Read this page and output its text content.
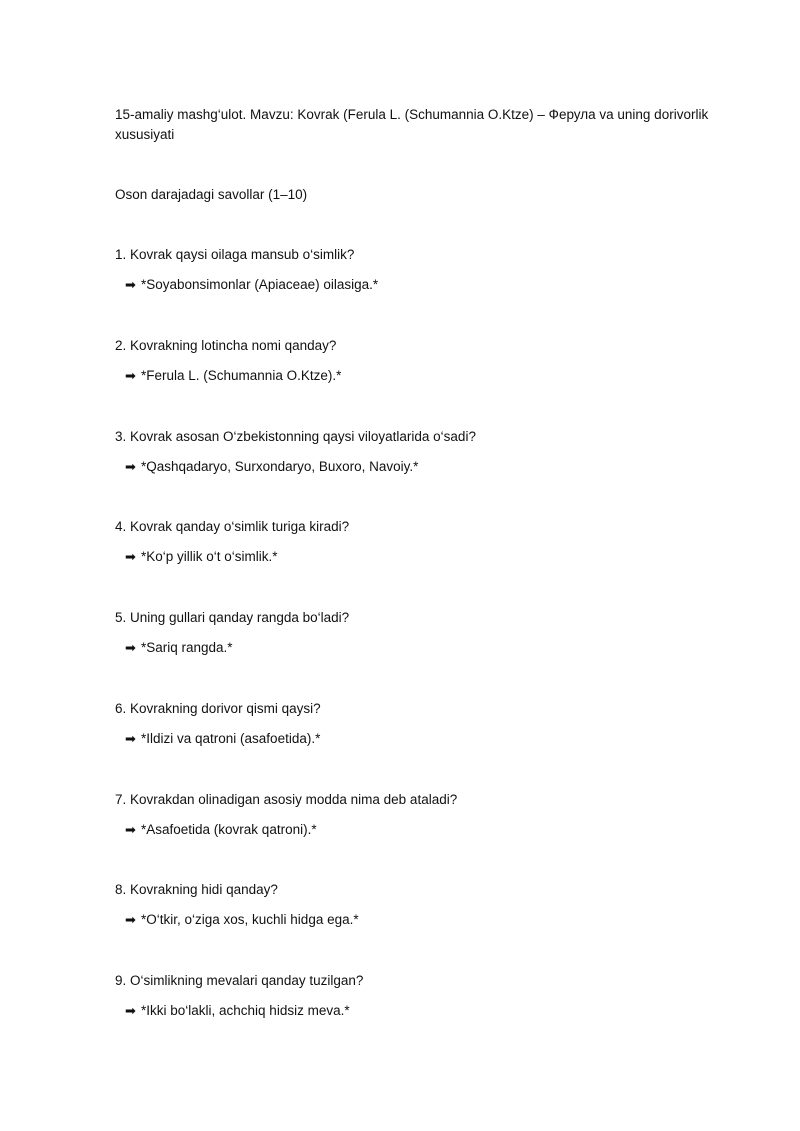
15-amaliy mashg‘ulot. Mavzu: Kovrak (Ferula L. (Schumannia O.Ktze) – Ферула va uning dorivorlik xususiyati
Oson darajadagi savollar (1–10)
1. Kovrak qaysi oilaga mansub o‘simlik?
➡ *Soyabonsimonlar (Apiaceae) oilasiga.*
2. Kovrakning lotincha nomi qanday?
➡ *Ferula L. (Schumannia O.Ktze).*
3. Kovrak asosan O‘zbekistonning qaysi viloyatlarida o‘sadi?
➡ *Qashqadaryo, Surxondaryo, Buxoro, Navoiy.*
4. Kovrak qanday o‘simlik turiga kiradi?
➡ *Ko‘p yillik o‘t o‘simlik.*
5. Uning gullari qanday rangda bo‘ladi?
➡ *Sariq rangda.*
6. Kovrakning dorivor qismi qaysi?
➡ *Ildizi va qatroni (asafoetida).*
7. Kovrakdan olinadigan asosiy modda nima deb ataladi?
➡ *Asafoetida (kovrak qatroni).*
8. Kovrakning hidi qanday?
➡ *O‘tkir, o‘ziga xos, kuchli hidga ega.*
9. O‘simlikning mevalari qanday tuzilgan?
➡ *Ikki bo‘lakli, achchiq hidsiz meva.*
